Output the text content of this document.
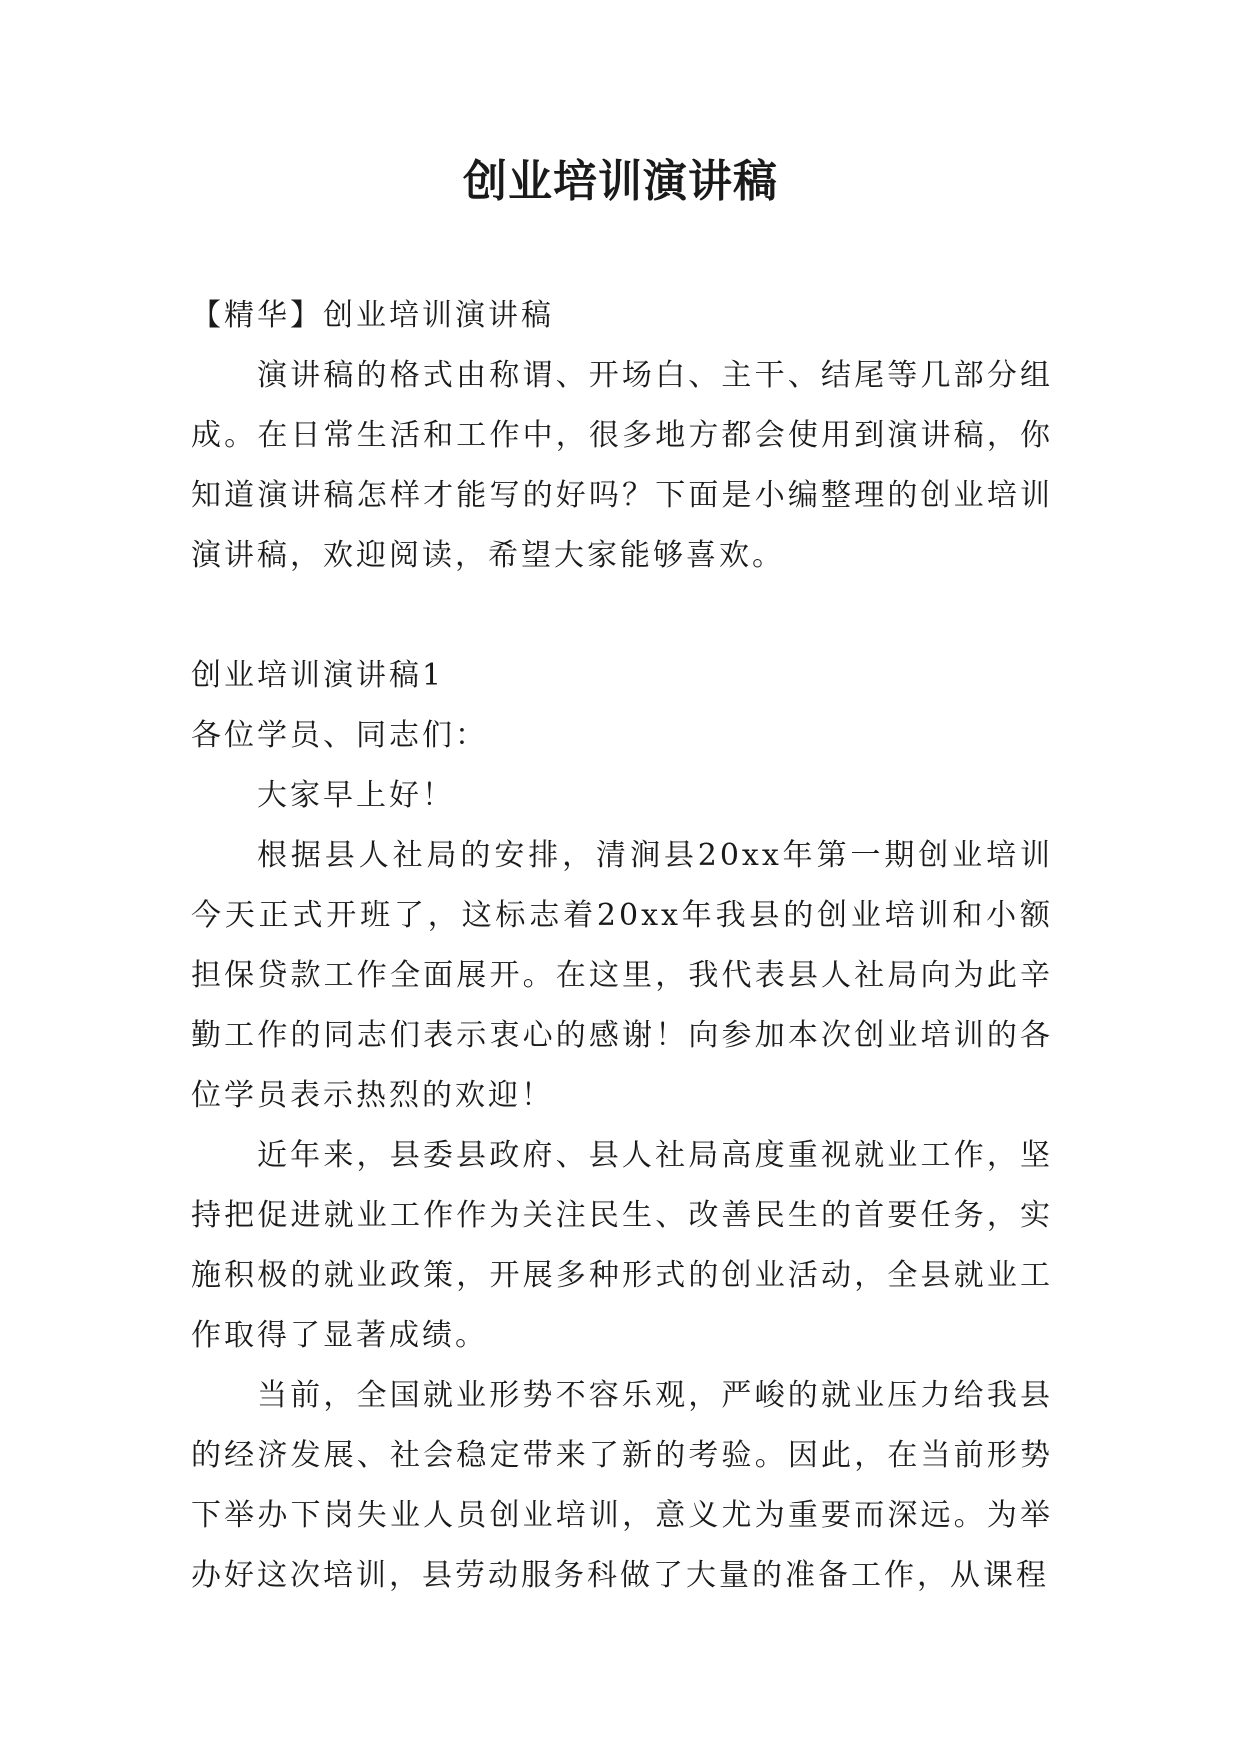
创业培训演讲稿

【精华】创业培训演讲稿

演讲稿的格式由称谓、开场白、主干、结尾等几部分组成。在日常生活和工作中，很多地方都会使用到演讲稿，你知道演讲稿怎样才能写的好吗？下面是小编整理的创业培训演讲稿，欢迎阅读，希望大家能够喜欢。

创业培训演讲稿1

各位学员、同志们：

大家早上好！

根据县人社局的安排，清涧县20xx年第一期创业培训今天正式开班了，这标志着20xx年我县的创业培训和小额担保贷款工作全面展开。在这里，我代表县人社局向为此辛勤工作的同志们表示衷心的感谢！向参加本次创业培训的各位学员表示热烈的欢迎！

近年来，县委县政府、县人社局高度重视就业工作，坚持把促进就业工作作为关注民生、改善民生的首要任务，实施积极的就业政策，开展多种形式的创业活动，全县就业工作取得了显著成绩。

当前，全国就业形势不容乐观，严峻的就业压力给我县的经济发展、社会稳定带来了新的考验。因此，在当前形势下举办下岗失业人员创业培训，意义尤为重要而深远。为举办好这次培训，县劳动服务科做了大量的准备工作，从课程
